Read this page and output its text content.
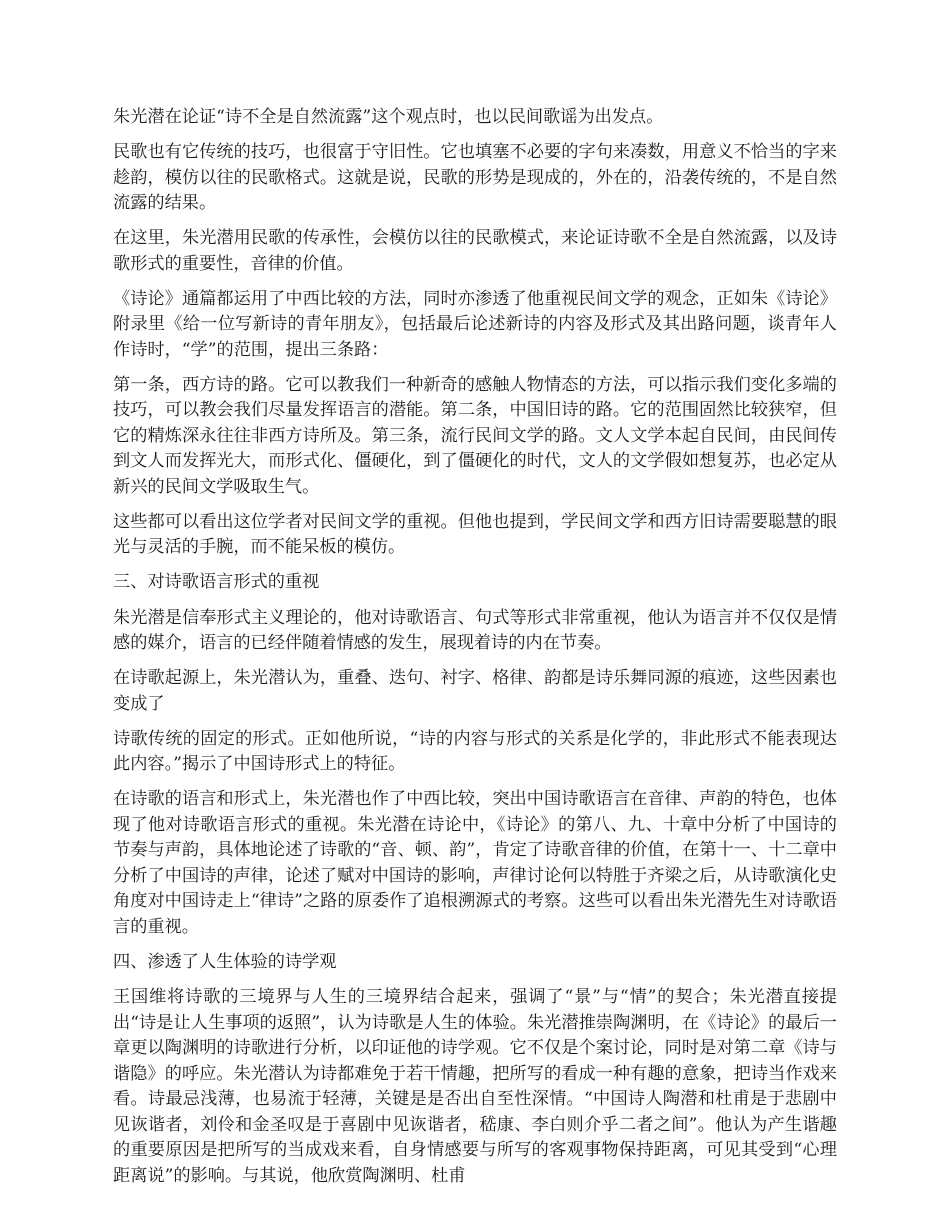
朱光潜在论证“诗不全是自然流露”这个观点时，也以民间歌谣为出发点。

民歌也有它传统的技巧，也很富于守旧性。它也填塞不必要的字句来凑数，用意义不恰当的字来趁韵，模仿以往的民歌格式。这就是说，民歌的形势是现成的，外在的，沿袭传统的，不是自然流露的结果。

在这里，朱光潜用民歌的传承性，会模仿以往的民歌模式，来论证诗歌不全是自然流露，以及诗歌形式的重要性，音律的价值。

《诗论》通篇都运用了中西比较的方法，同时亦渗透了他重视民间文学的观念，正如朱《诗论》附录里《给一位写新诗的青年朋友》，包括最后论述新诗的内容及形式及其出路问题，谈青年人作诗时，“学”的范围，提出三条路：

第一条，西方诗的路。它可以教我们一种新奇的感触人物情态的方法，可以指示我们变化多端的技巧，可以教会我们尽量发挥语言的潜能。第二条，中国旧诗的路。它的范围固然比较狭窄，但它的精炼深永往往非西方诗所及。第三条，流行民间文学的路。文人文学本起自民间，由民间传到文人而发挥光大，而形式化、僵硬化，到了僵硬化的时代，文人的文学假如想复苏，也必定从新兴的民间文学吸取生气。

这些都可以看出这位学者对民间文学的重视。但他也提到，学民间文学和西方旧诗需要聪慧的眼光与灵活的手腕，而不能呆板的模仿。

三、对诗歌语言形式的重视

朱光潜是信奉形式主义理论的，他对诗歌语言、句式等形式非常重视，他认为语言并不仅仅是情感的媒介，语言的已经伴随着情感的发生，展现着诗的内在节奏。

在诗歌起源上，朱光潜认为，重叠、迭句、衬字、格律、韵都是诗乐舞同源的痕迹，这些因素也变成了

诗歌传统的固定的形式。正如他所说，“诗的内容与形式的关系是化学的，非此形式不能表现达此内容。”揭示了中国诗形式上的特征。

在诗歌的语言和形式上，朱光潜也作了中西比较，突出中国诗歌语言在音律、声韵的特色，也体现了他对诗歌语言形式的重视。朱光潜在诗论中，《诗论》的第八、九、十章中分析了中国诗的节奏与声韵，具体地论述了诗歌的“音、顿、韵”，肯定了诗歌音律的价值，在第十一、十二章中分析了中国诗的声律，论述了赋对中国诗的影响，声律讨论何以特胜于齐梁之后，从诗歌演化史角度对中国诗走上“律诗”之路的原委作了追根溯源式的考察。这些可以看出朱光潜先生对诗歌语言的重视。

四、渗透了人生体验的诗学观

王国维将诗歌的三境界与人生的三境界结合起来，强调了“景”与“情”的契合；朱光潜直接提出“诗是让人生事项的返照”，认为诗歌是人生的体验。朱光潜推崇陶渊明，在《诗论》的最后一章更以陶渊明的诗歌进行分析，以印证他的诗学观。它不仅是个案讨论，同时是对第二章《诗与谐隐》的呼应。朱光潜认为诗都难免于若干情趣，把所写的看成一种有趣的意象，把诗当作戏来看。诗最忌浅薄，也易流于轻薄，关键是是否出自至性深情。“中国诗人陶潜和杜甫是于悲剧中见诙谐者，刘伶和金圣叹是于喜剧中见诙谐者，嵇康、李白则介乎二者之间”。他认为产生谐趣的重要原因是把所写的当成戏来看，自身情感要与所写的客观事物保持距离，可见其受到“心理距离说”的影响。与其说，他欣赏陶渊明、杜甫
